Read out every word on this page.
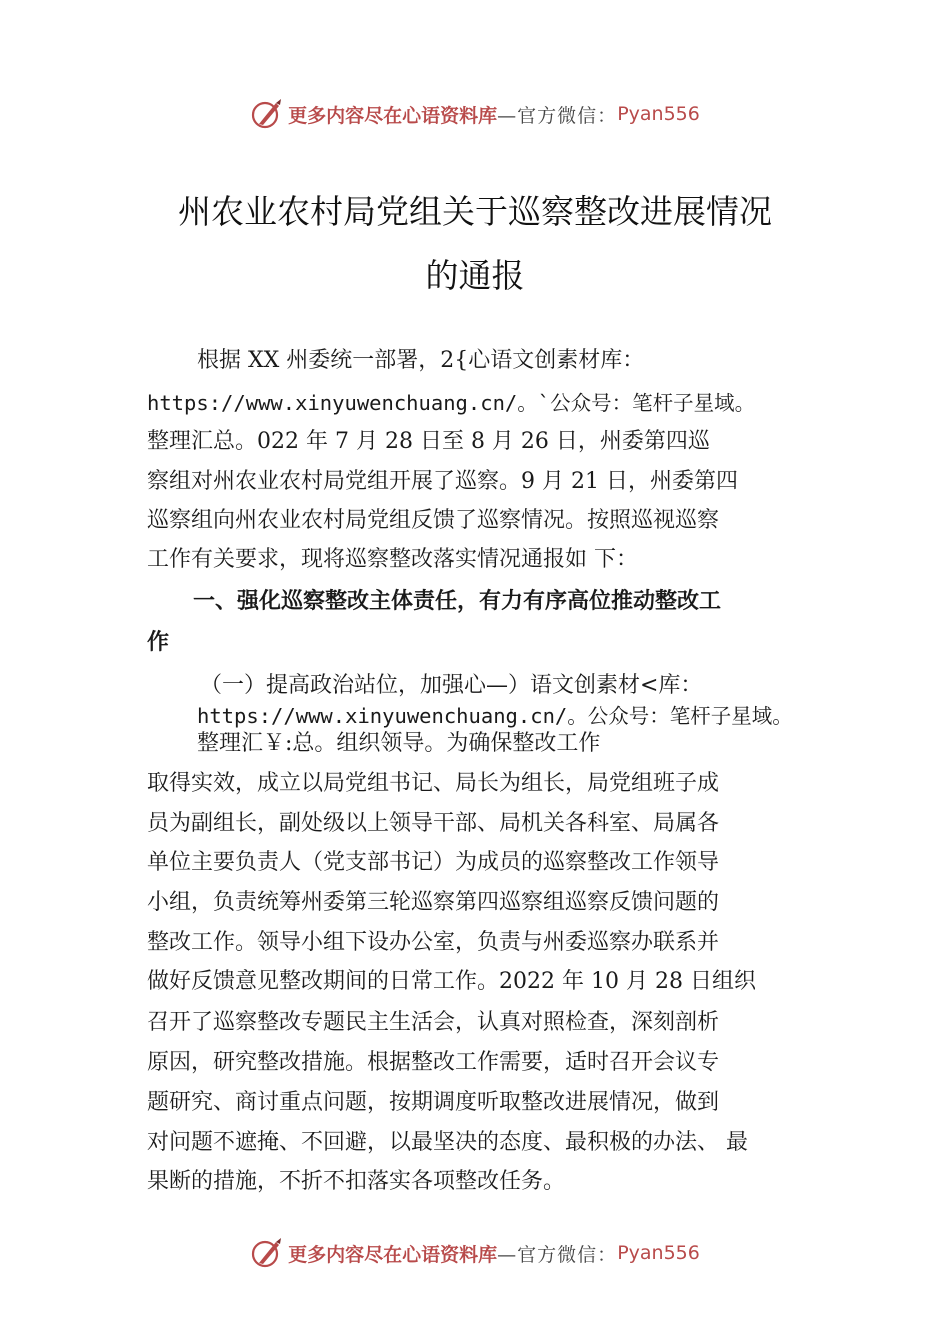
更多内容尽在心语资料库 —官方微信： Pyan556
州农业农村局党组关于巡察整改进展情况
的通报
根据 XX 州委统一部署，2{心语文创素材库：
https://www.xinyuwenchuang.cn/。`公众号：笔杆子星域。
整理汇总。022 年 7 月 28 日至 8 月 26 日，州委第四巡
察组对州农业农村局党组开展了巡察。9 月 21 日，州委第四
巡察组向州农业农村局党组反馈了巡察情况。按照巡视巡察
工作有关要求，现将巡察整改落实情况通报如 下：
一、强化巡察整改主体责任，有力有序高位推动整改工
作
（一）提高政治站位，加强心—）语文创素材<库：
https://www.xinyuwenchuang.cn/。公众号：笔杆子星域。
整理汇￥:总。组织领导。为确保整改工作
取得实效，成立以局党组书记、局长为组长，局党组班子成
员为副组长，副处级以上领导干部、局机关各科室、局属各
单位主要负责人（党支部书记）为成员的巡察整改工作领导
小组，负责统筹州委第三轮巡察第四巡察组巡察反馈问题的
整改工作。领导小组下设办公室，负责与州委巡察办联系并
做好反馈意见整改期间的日常工作。2022 年 10 月 28 日组织
召开了巡察整改专题民主生活会，认真对照检查，深刻剖析
原因，研究整改措施。根据整改工作需要，适时召开会议专
题研究、商讨重点问题，按期调度听取整改进展情况，做到
对问题不遮掩、不回避，以最坚决的态度、最积极的办法、 最
果断的措施，不折不扣落实各项整改任务。
更多内容尽在心语资料库 —官方微信： Pyan556
